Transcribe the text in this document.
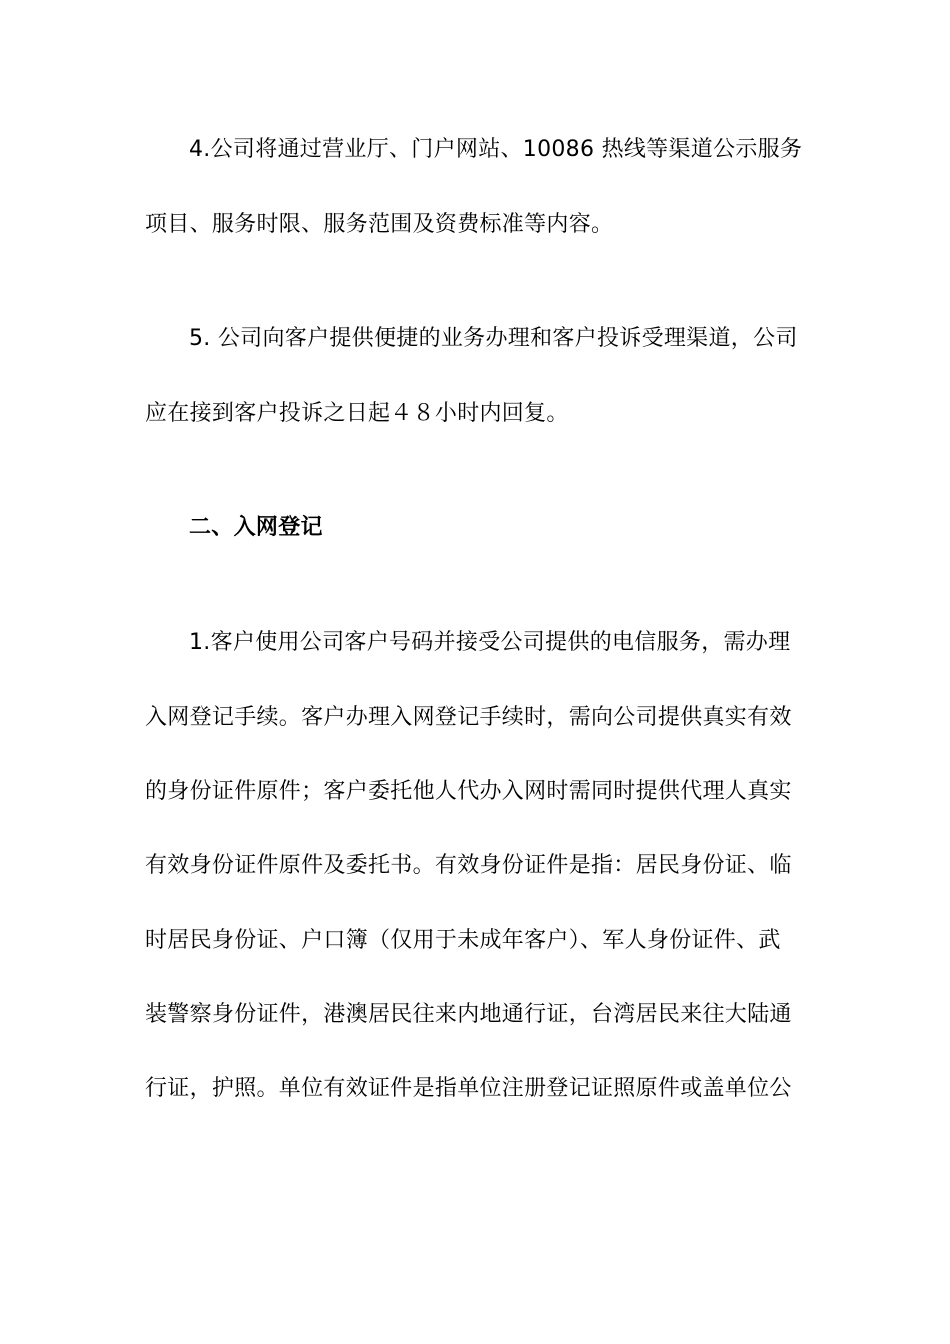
4.公司将通过营业厅、门户网站、10086 热线等渠道公示服务
项目、服务时限、服务范围及资费标准等内容。
5. 公司向客户提供便捷的业务办理和客户投诉受理渠道，公司
应在接到客户投诉之日起４８小时内回复。
二、入网登记
1.客户使用公司客户号码并接受公司提供的电信服务，需办理
入网登记手续。客户办理入网登记手续时，需向公司提供真实有效
的身份证件原件；客户委托他人代办入网时需同时提供代理人真实
有效身份证件原件及委托书。有效身份证件是指：居民身份证、临
时居民身份证、户口簿（仅用于未成年客户）、军人身份证件、武
装警察身份证件，港澳居民往来内地通行证，台湾居民来往大陆通
行证，护照。单位有效证件是指单位注册登记证照原件或盖单位公
